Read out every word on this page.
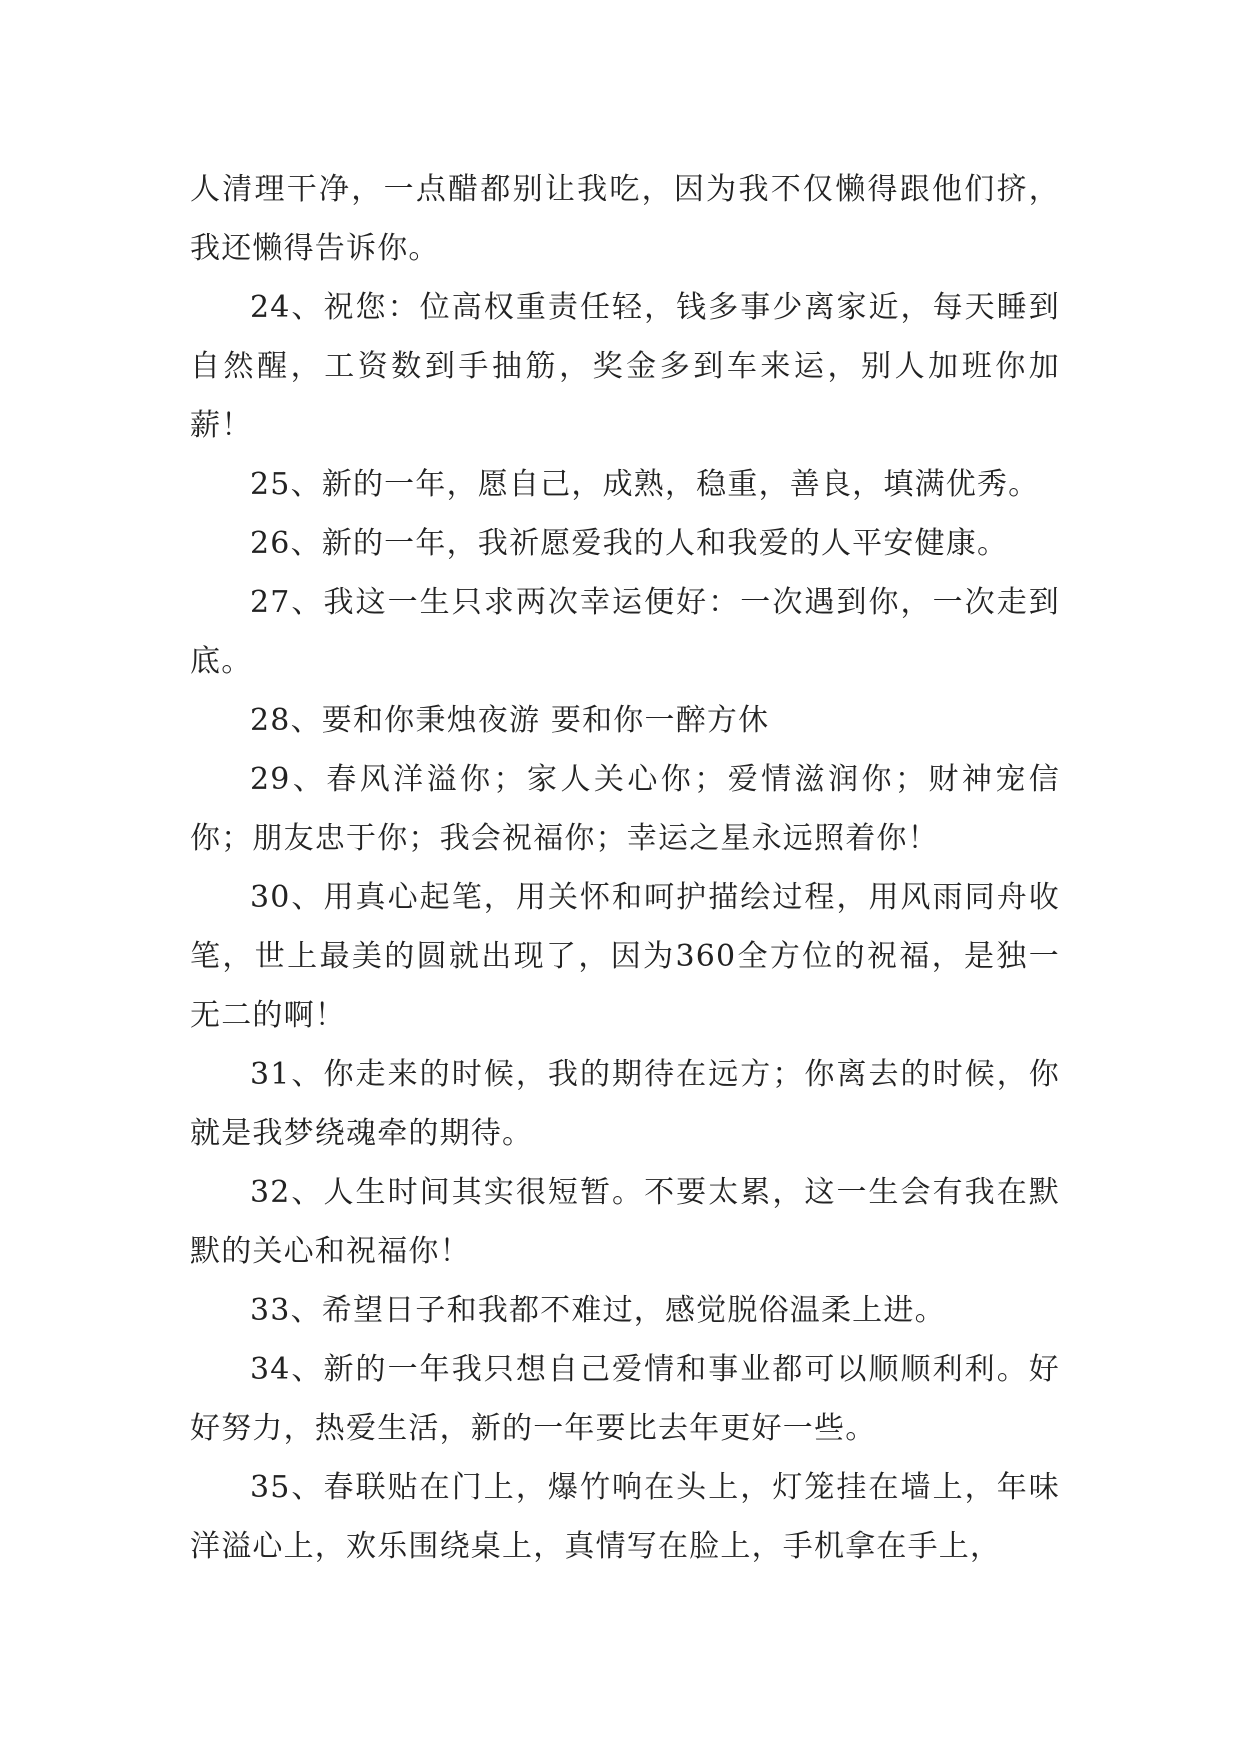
人清理干净，一点醋都别让我吃，因为我不仅懒得跟他们挤，我还懒得告诉你。

24、祝您：位高权重责任轻，钱多事少离家近，每天睡到自然醒，工资数到手抽筋，奖金多到车来运，别人加班你加薪！

25、新的一年，愿自己，成熟，稳重，善良，填满优秀。

26、新的一年，我祈愿爱我的人和我爱的人平安健康。

27、我这一生只求两次幸运便好：一次遇到你，一次走到底。

28、要和你秉烛夜游 要和你一醉方休

29、春风洋溢你；家人关心你；爱情滋润你；财神宠信你；朋友忠于你；我会祝福你；幸运之星永远照着你！

30、用真心起笔，用关怀和呵护描绘过程，用风雨同舟收笔，世上最美的圆就出现了，因为360全方位的祝福，是独一无二的啊！

31、你走来的时候，我的期待在远方；你离去的时候，你就是我梦绕魂牵的期待。

32、人生时间其实很短暂。不要太累，这一生会有我在默默的关心和祝福你！

33、希望日子和我都不难过，感觉脱俗温柔上进。

34、新的一年我只想自己爱情和事业都可以顺顺利利。好好努力，热爱生活，新的一年要比去年更好一些。

35、春联贴在门上，爆竹响在头上，灯笼挂在墙上，年味洋溢心上，欢乐围绕桌上，真情写在脸上，手机拿在手上，
